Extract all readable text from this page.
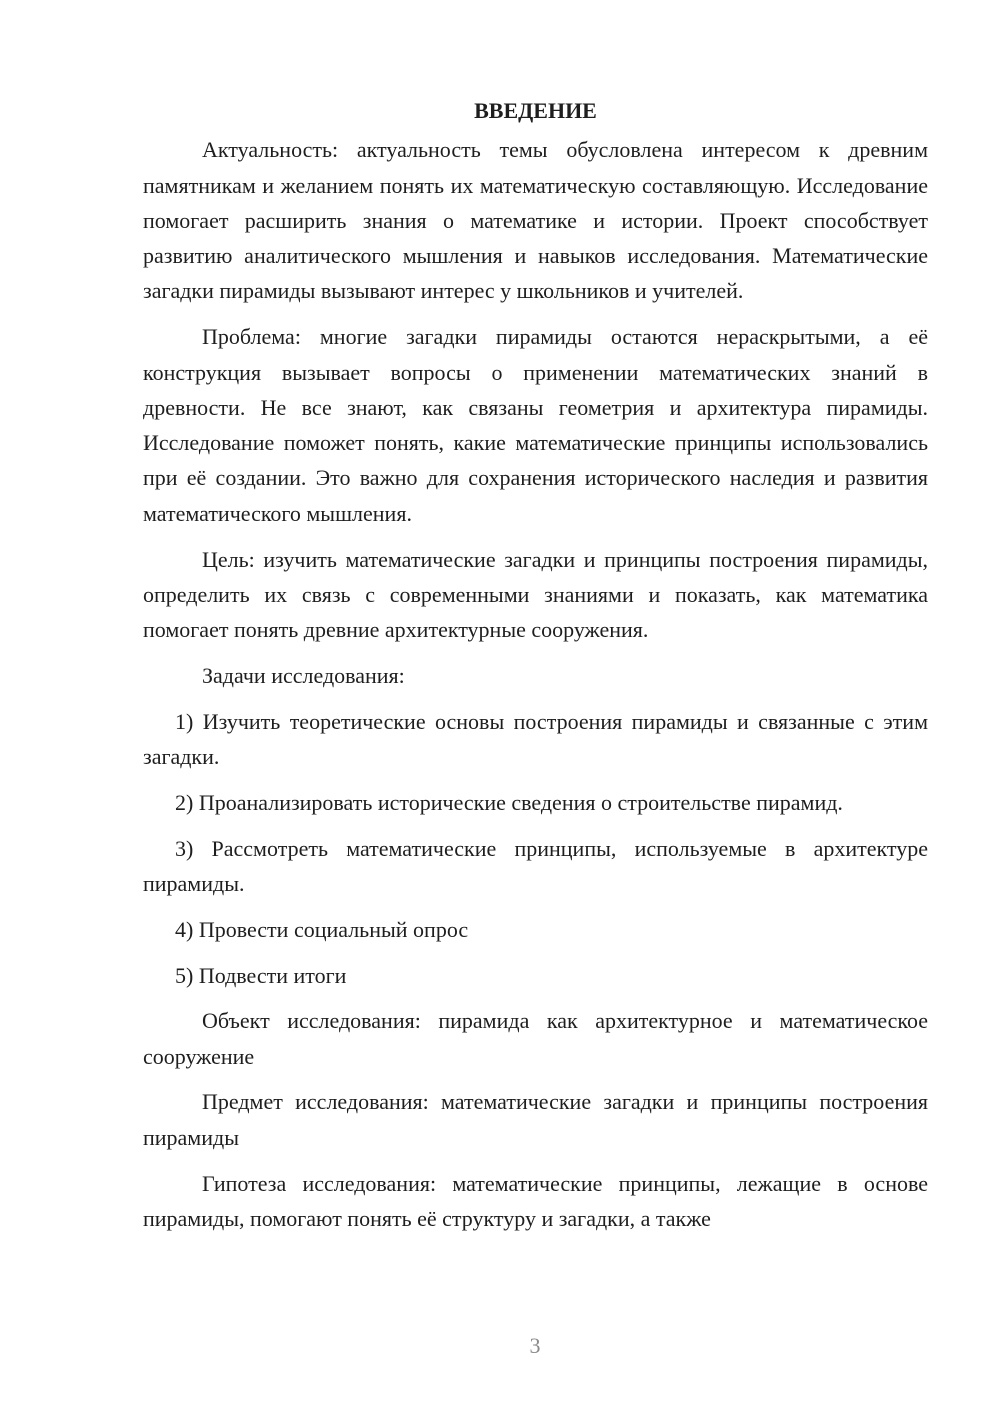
ВВЕДЕНИЕ

Актуальность: актуальность темы обусловлена интересом к древним памятникам и желанием понять их математическую составляющую. Исследование помогает расширить знания о математике и истории. Проект способствует развитию аналитического мышления и навыков исследования. Математические загадки пирамиды вызывают интерес у школьников и учителей.

Проблема: многие загадки пирамиды остаются нераскрытыми, а её конструкция вызывает вопросы о применении математических знаний в древности. Не все знают, как связаны геометрия и архитектура пирамиды. Исследование поможет понять, какие математические принципы использовались при её создании. Это важно для сохранения исторического наследия и развития математического мышления.

Цель: изучить математические загадки и принципы построения пирамиды, определить их связь с современными знаниями и показать, как математика помогает понять древние архитектурные сооружения.

Задачи исследования:

1) Изучить теоретические основы построения пирамиды и связанные с этим загадки.

2) Проанализировать исторические сведения о строительстве пирамид.

3) Рассмотреть математические принципы, используемые в архитектуре пирамиды.

4) Провести социальный опрос

5) Подвести итоги

Объект исследования: пирамида как архитектурное и математическое сооружение

Предмет исследования: математические загадки и принципы построения пирамиды

Гипотеза исследования: математические принципы, лежащие в основе пирамиды, помогают понять её структуру и загадки, а также

3
